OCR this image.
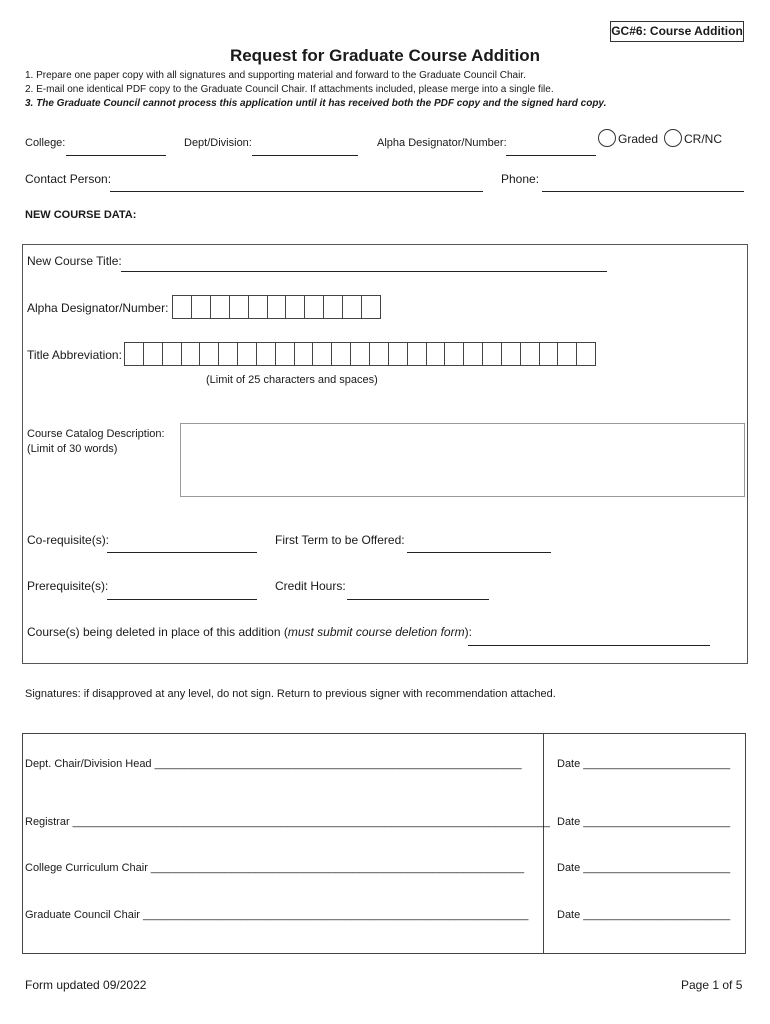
GC#6: Course Addition
Request for Graduate Course Addition
1. Prepare one paper copy with all signatures and supporting material and forward to the Graduate Council Chair.
2. E-mail one identical PDF copy to the Graduate Council Chair. If attachments included, please merge into a single file.
3. The Graduate Council cannot process this application until it has received both the PDF copy and the signed hard copy.
College:	Dept/Division:	Alpha Designator/Number:	Graded CR/NC
Contact Person:	Phone:
NEW COURSE DATA:
New Course Title:
Alpha Designator/Number:
Title Abbreviation:
(Limit of 25 characters and spaces)
Course Catalog Description:
(Limit of 30 words)
Co-requisite(s):	First Term to be Offered:
Prerequisite(s):	Credit Hours:
Course(s) being deleted in place of this addition (must submit course deletion form):
Signatures: if disapproved at any level, do not sign. Return to previous signer with recommendation attached.
Dept. Chair/Division Head ____________________________________________________________	Date ________________________
Registrar ______________________________________________________________________________ Date ________________________
College Curriculum Chair _____________________________________________________________	Date ________________________
Graduate Council Chair _______________________________________________________________	Date ________________________
Form updated 09/2022	Page 1 of 5
